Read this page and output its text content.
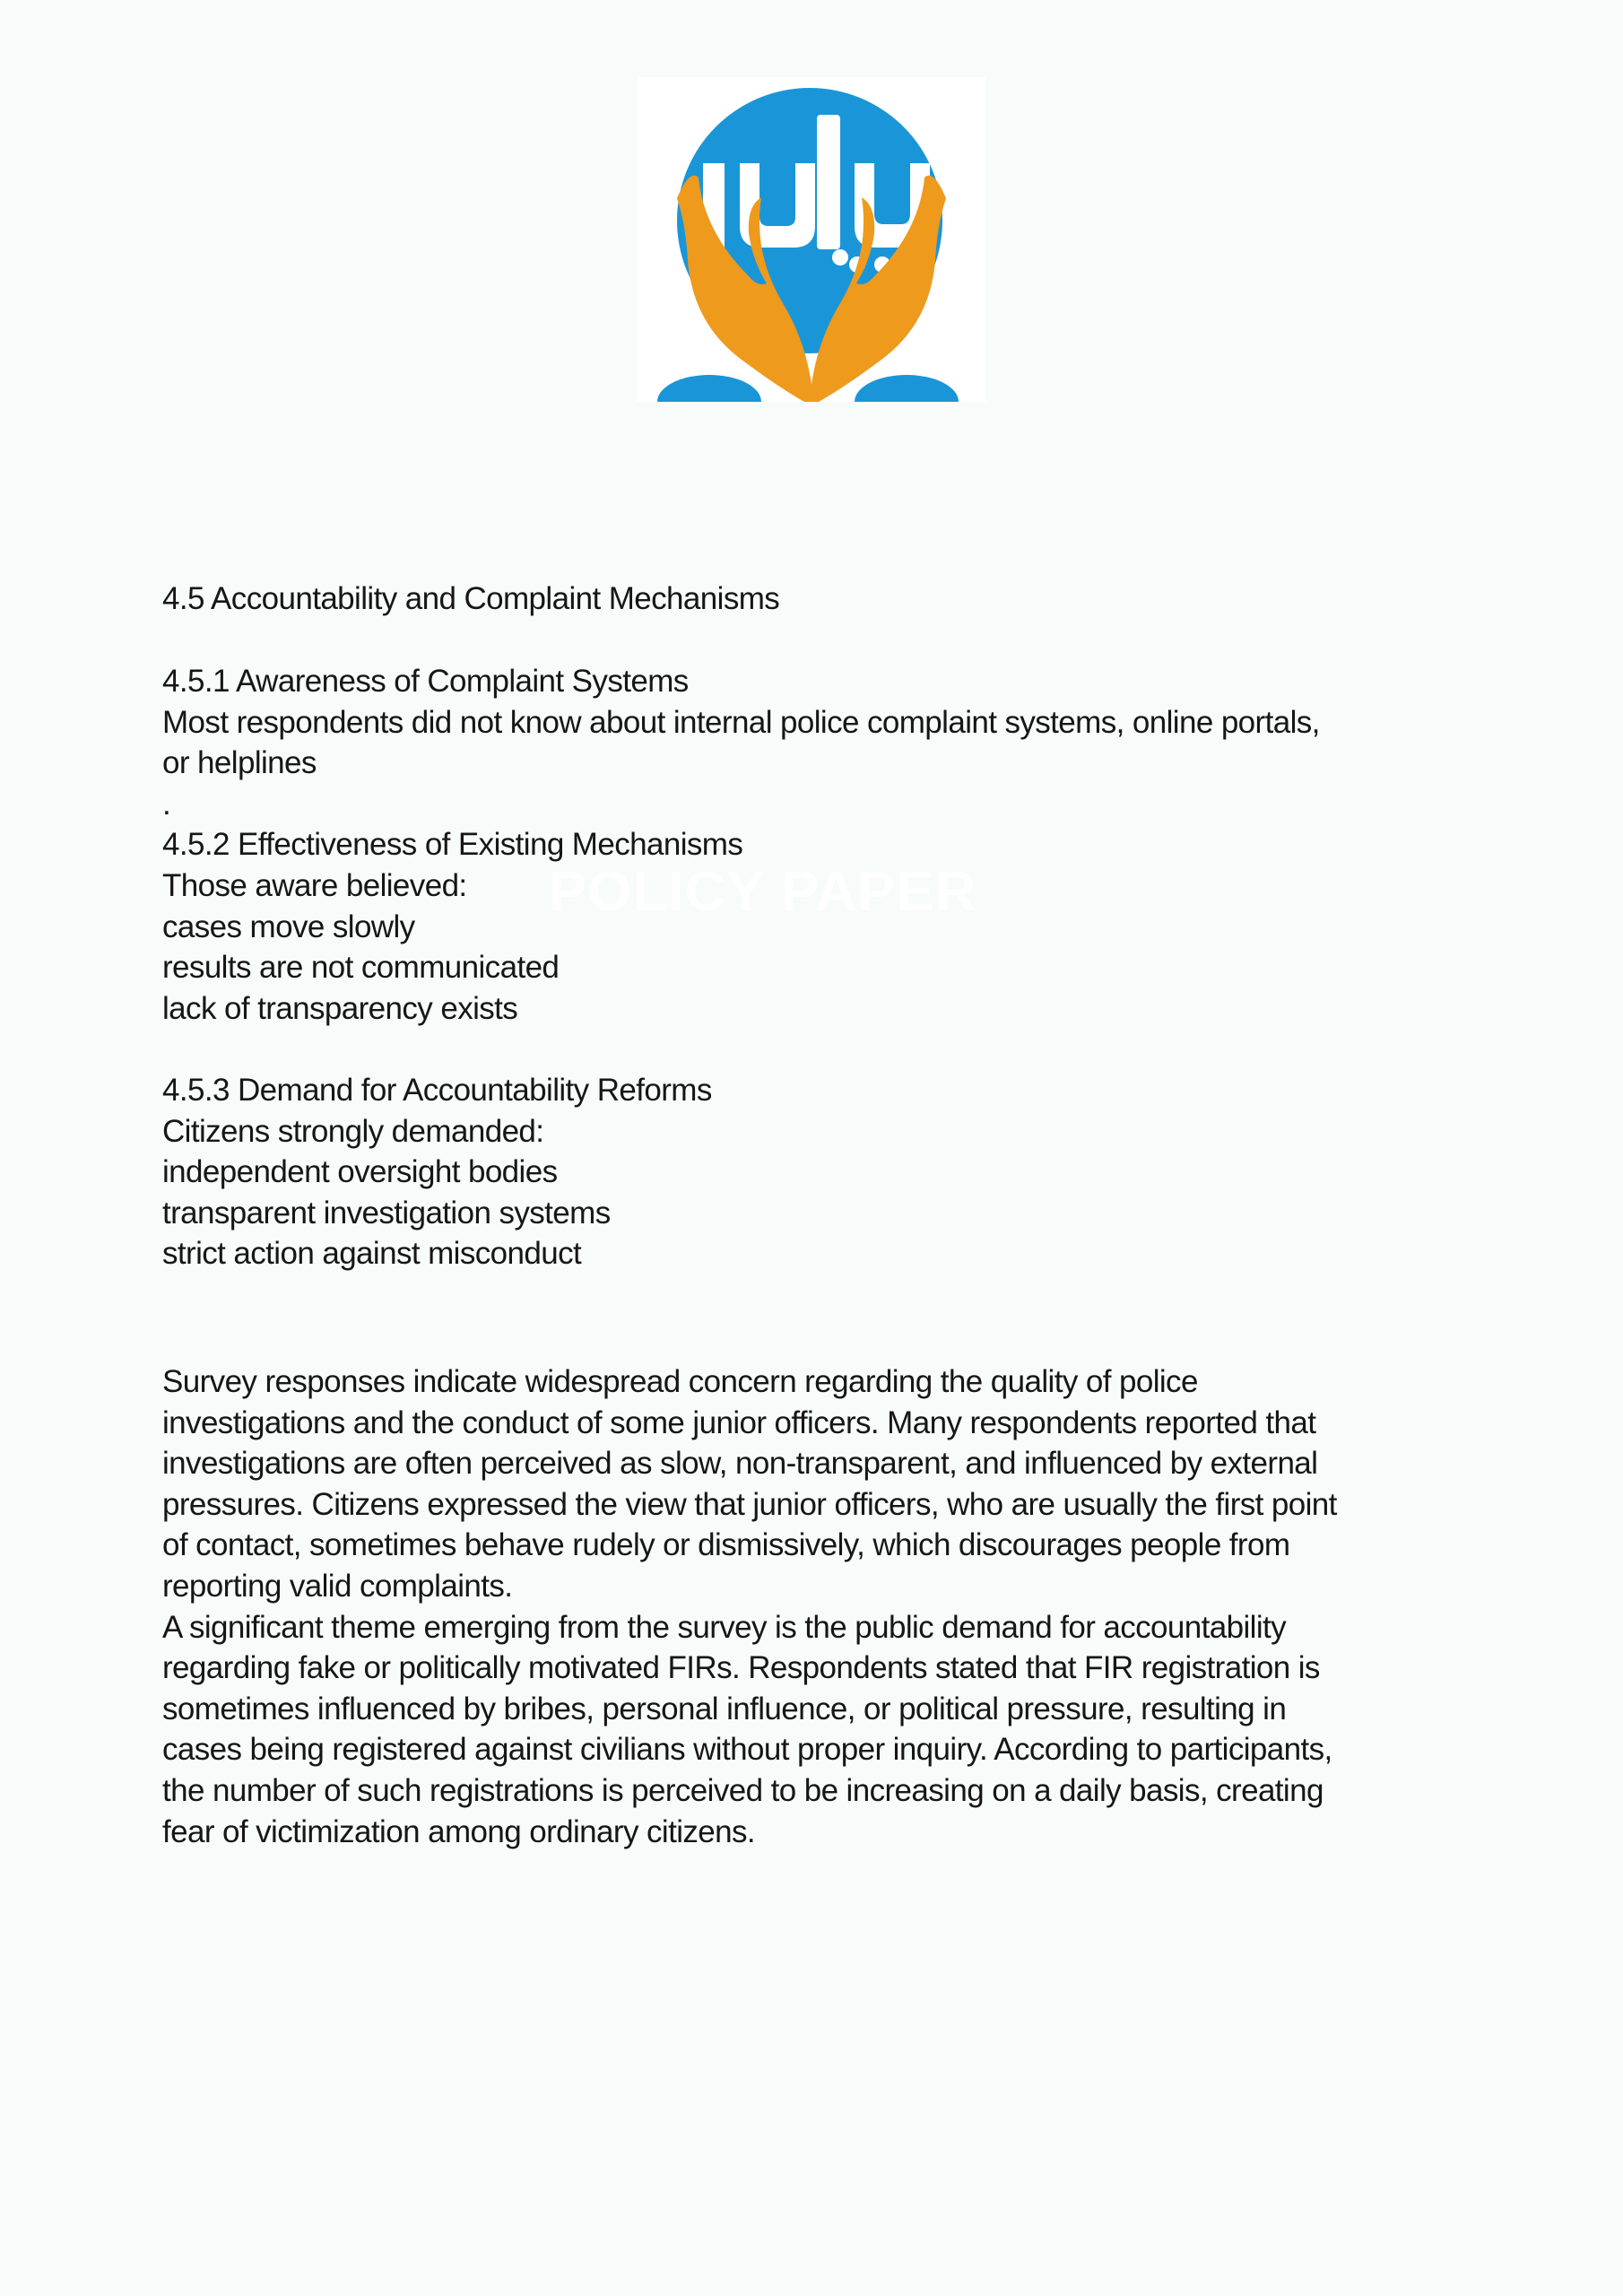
POLICY PAPER
4.5 Accountability and Complaint Mechanisms
4.5.1 Awareness of Complaint Systems
Most respondents did not know about internal police complaint systems, online portals,
or helplines
.
4.5.2 Effectiveness of Existing Mechanisms
Those aware believed:
cases move slowly
results are not communicated
lack of transparency exists
4.5.3 Demand for Accountability Reforms
Citizens strongly demanded:
independent oversight bodies
transparent investigation systems
strict action against misconduct
Survey responses indicate widespread concern regarding the quality of police
investigations and the conduct of some junior officers. Many respondents reported that
investigations are often perceived as slow, non-transparent, and influenced by external
pressures. Citizens expressed the view that junior officers, who are usually the first point
of contact, sometimes behave rudely or dismissively, which discourages people from
reporting valid complaints.
A significant theme emerging from the survey is the public demand for accountability
regarding fake or politically motivated FIRs. Respondents stated that FIR registration is
sometimes influenced by bribes, personal influence, or political pressure, resulting in
cases being registered against civilians without proper inquiry. According to participants,
the number of such registrations is perceived to be increasing on a daily basis, creating
fear of victimization among ordinary citizens.
